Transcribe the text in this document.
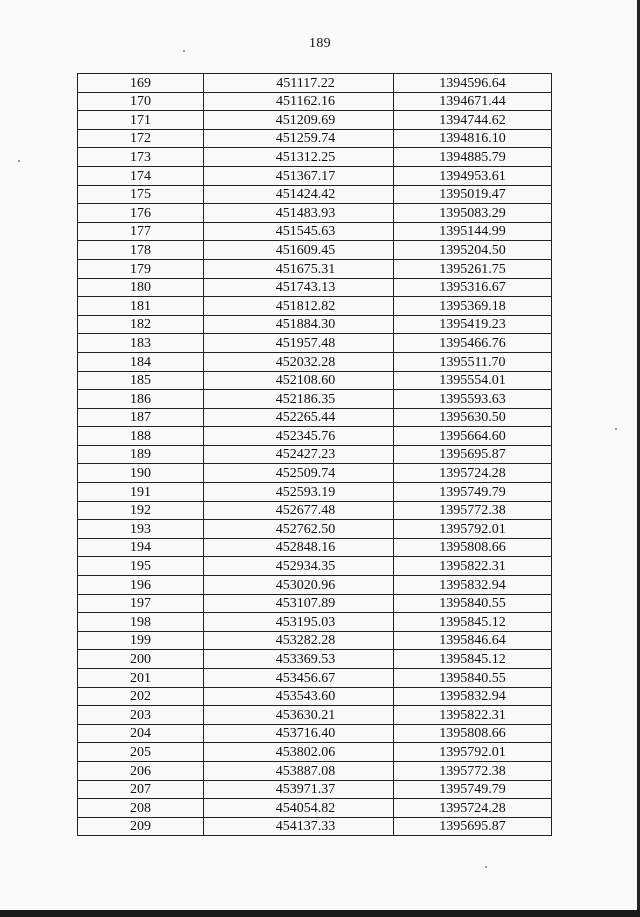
189
169	451117.22	1394596.64
170	451162.16	1394671.44
171	451209.69	1394744.62
172	451259.74	1394816.10
173	451312.25	1394885.79
174	451367.17	1394953.61
175	451424.42	1395019.47
176	451483.93	1395083.29
177	451545.63	1395144.99
178	451609.45	1395204.50
179	451675.31	1395261.75
180	451743.13	1395316.67
181	451812.82	1395369.18
182	451884.30	1395419.23
183	451957.48	1395466.76
184	452032.28	1395511.70
185	452108.60	1395554.01
186	452186.35	1395593.63
187	452265.44	1395630.50
188	452345.76	1395664.60
189	452427.23	1395695.87
190	452509.74	1395724.28
191	452593.19	1395749.79
192	452677.48	1395772.38
193	452762.50	1395792.01
194	452848.16	1395808.66
195	452934.35	1395822.31
196	453020.96	1395832.94
197	453107.89	1395840.55
198	453195.03	1395845.12
199	453282.28	1395846.64
200	453369.53	1395845.12
201	453456.67	1395840.55
202	453543.60	1395832.94
203	453630.21	1395822.31
204	453716.40	1395808.66
205	453802.06	1395792.01
206	453887.08	1395772.38
207	453971.37	1395749.79
208	454054.82	1395724.28
209	454137.33	1395695.87
